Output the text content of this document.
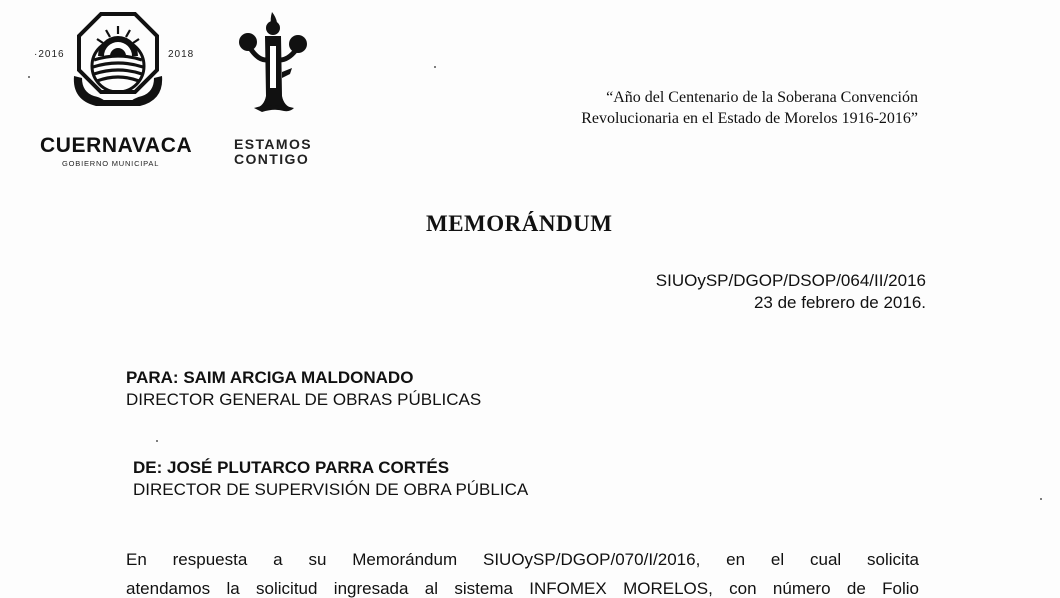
·2016	2018
CUERNAVACA
GOBIERNO MUNICIPAL
ESTAMOS
CONTIGO
“Año del Centenario de la Soberana Convención
Revolucionaria en el Estado de Morelos 1916-2016”
MEMORÁNDUM
SIUOySP/DGOP/DSOP/064/II/2016
23 de febrero de 2016.
PARA: SAIM ARCIGA MALDONADO
DIRECTOR GENERAL DE OBRAS PÚBLICAS
DE: JOSÉ PLUTARCO PARRA CORTÉS
DIRECTOR DE SUPERVISIÓN DE OBRA PÚBLICA
En respuesta a su Memorándum SIUOySP/DGOP/070/I/2016, en el cual solicita
atendamos la solicitud ingresada al sistema INFOMEX MORELOS, con número de Folio
